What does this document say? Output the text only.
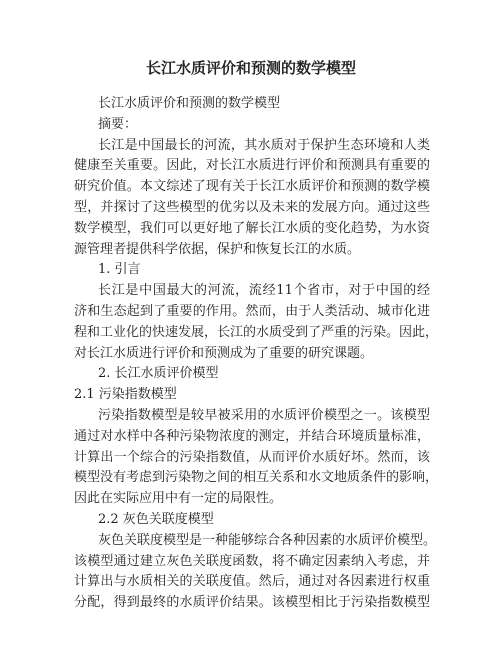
长江水质评价和预测的数学模型
长江水质评价和预测的数学模型
摘要：
长江是中国最长的河流，其水质对于保护生态环境和人类
健康至关重要。因此，对长江水质进行评价和预测具有重要的
研究价值。本文综述了现有关于长江水质评价和预测的数学模
型，并探讨了这些模型的优劣以及未来的发展方向。通过这些
数学模型，我们可以更好地了解长江水质的变化趋势，为水资
源管理者提供科学依据，保护和恢复长江的水质。
1. 引言
长江是中国最大的河流，流经11个省市，对于中国的经
济和生态起到了重要的作用。然而，由于人类活动、城市化进
程和工业化的快速发展，长江的水质受到了严重的污染。因此，
对长江水质进行评价和预测成为了重要的研究课题。
2. 长江水质评价模型
2.1 污染指数模型
污染指数模型是较早被采用的水质评价模型之一。该模型
通过对水样中各种污染物浓度的测定，并结合环境质量标准，
计算出一个综合的污染指数值，从而评价水质好坏。然而，该
模型没有考虑到污染物之间的相互关系和水文地质条件的影响，
因此在实际应用中有一定的局限性。
2.2 灰色关联度模型
灰色关联度模型是一种能够综合各种因素的水质评价模型。
该模型通过建立灰色关联度函数，将不确定因素纳入考虑，并
计算出与水质相关的关联度值。然后，通过对各因素进行权重
分配，得到最终的水质评价结果。该模型相比于污染指数模型
